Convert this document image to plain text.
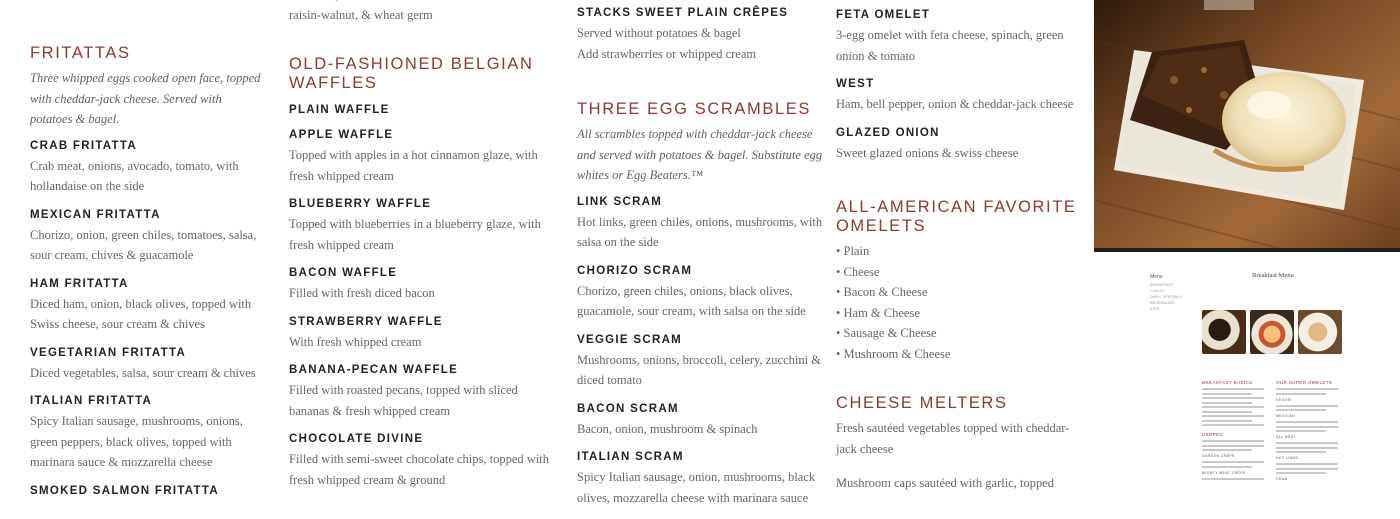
FRITATTAS

Three whipped eggs cooked open face, topped with cheddar-jack cheese. Served with potatoes & bagel.

CRAB FRITATTA
Crab meat, onions, avocado, tomato, with hollandaise on the side
MEXICAN FRITATTA
Chorizo, onion, green chiles, tomatoes, salsa, sour cream, chives & guacamole
HAM FRITATTA
Diced ham, onion, black olives, topped with Swiss cheese, sour cream & chives
VEGETARIAN FRITATTA
Diced vegetables, salsa, sour cream & chives
ITALIAN FRITATTA
Spicy Italian sausage, mushrooms, onions, green peppers, black olives, topped with marinara sauce & mozzarella cheese
SMOKED SALMON FRITATTA

raisin-walnut, & wheat germ

OLD-FASHIONED BELGIAN WAFFLES
PLAIN WAFFLE
APPLE WAFFLE
Topped with apples in a hot cinnamon glaze, with fresh whipped cream
BLUEBERRY WAFFLE
Topped with blueberries in a blueberry glaze, with fresh whipped cream
BACON WAFFLE
Filled with fresh diced bacon
STRAWBERRY WAFFLE
With fresh whipped cream
BANANA-PECAN WAFFLE
Filled with roasted pecans, topped with sliced bananas & fresh whipped cream
CHOCOLATE DIVINE
Filled with semi-sweet chocolate chips, topped with fresh whipped cream & ground
STACKS SWEET PLAIN CRÊPES
Served without potatoes & bagel
Add strawberries or whipped cream
THREE EGG SCRAMBLES

All scrambles topped with cheddar-jack cheese and served with potatoes & bagel. Substitute egg whites or Egg Beaters.™

LINK SCRAM
Hot links, green chiles, onions, mushrooms, with salsa on the side
CHORIZO SCRAM
Chorizo, green chiles, onions, black olives, guacamole, sour cream, with salsa on the side
VEGGIE SCRAM
Mushrooms, onions, broccoli, celery, zucchini & diced tomato
BACON SCRAM
Bacon, onion, mushroom & spinach
ITALIAN SCRAM
Spicy Italian sausage, onion, mushrooms, black olives, mozzarella cheese with marinara sauce
FETA OMELET
3-egg omelet with feta cheese, spinach, green onion & tomato
WEST
Ham, bell pepper, onion & cheddar-jack cheese
GLAZED ONION
Sweet glazed onions & swiss cheese
ALL-AMERICAN FAVORITE OMELETS
• Plain
• Cheese
• Bacon & Cheese
• Ham & Cheese
• Sausage & Cheese
• Mushroom & Cheese
CHEESE MELTERS

Fresh sautéed vegetables topped with cheddar-jack cheese

Mushroom caps sautéed with garlic, topped

Menu
BREAKFAST
LUNCH
DAILY SPECIALS
BEVERAGES
KIDS
Breakfast Menu
BREAKFAST BASICS
CRÊPES
GARDEN CRÊPE
MIGHTY MEAT CRÊPE
OUR SUPER OMELETS
VEGGIE
MEXICAN
ALL MEAT
HOT LINKS
CRAB
